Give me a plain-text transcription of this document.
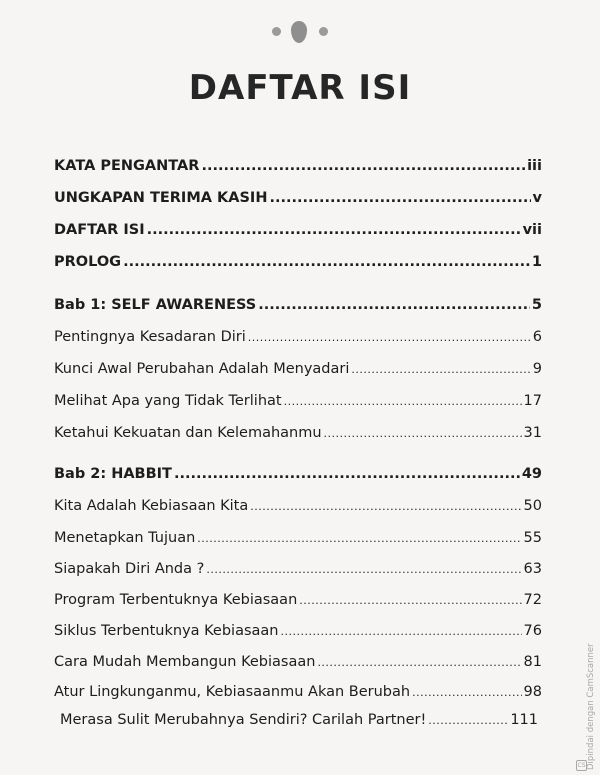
DAFTAR ISI
KATA PENGANTAR .....	iii
UNGKAPAN TERIMA KASIH .....	v
DAFTAR ISI .....	vii
PROLOG .....	1
Bab 1: SELF AWARENESS .....	5
Pentingnya Kesadaran Diri .....	6
Kunci Awal Perubahan Adalah Menyadari .....	9
Melihat Apa yang Tidak Terlihat .....	17
Ketahui Kekuatan dan Kelemahanmu .....	31
Bab 2: HABBIT .....	49
Kita Adalah Kebiasaan Kita .....	50
Menetapkan Tujuan .....	55
Siapakah Diri Anda ? .....	63
Program Terbentuknya Kebiasaan .....	72
Siklus Terbentuknya Kebiasaan .....	76
Cara Mudah Membangun Kebiasaan .....	81
Atur Lingkunganmu, Kebiasaanmu Akan Berubah .....	98
Merasa Sulit Merubahnya Sendiri? Carilah Partner! .....	111	Dipindai dengan CamScanner
CS
